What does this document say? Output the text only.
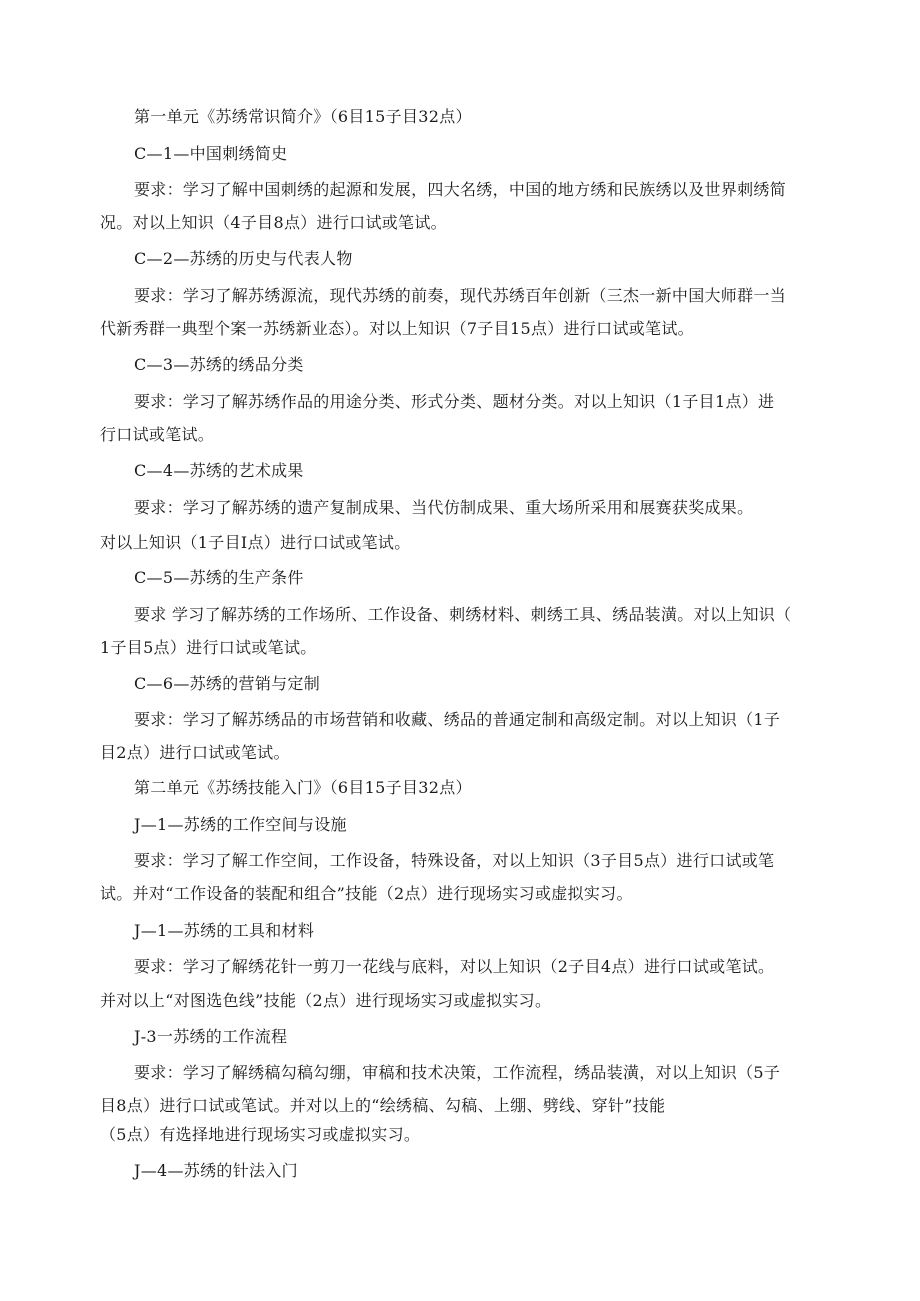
第一单元《苏绣常识简介》（6目15子目32点）
C—1—中国刺绣简史
要求：学习了解中国刺绣的起源和发展，四大名绣，中国的地方绣和民族绣以及世界刺绣简
况。对以上知识（4子目8点）进行口试或笔试。
C—2—苏绣的历史与代表人物
要求：学习了解苏绣源流，现代苏绣的前奏，现代苏绣百年创新（三杰一新中国大师群一当
代新秀群一典型个案一苏绣新业态）。对以上知识（7子目15点）进行口试或笔试。
C—3—苏绣的绣品分类
要求：学习了解苏绣作品的用途分类、形式分类、题材分类。对以上知识（1子目1点）进
行口试或笔试。
C—4—苏绣的艺术成果
要求：学习了解苏绣的遗产复制成果、当代仿制成果、重大场所采用和展赛获奖成果。
对以上知识（1子目I点）进行口试或笔试。
C—5—苏绣的生产条件
要求 学习了解苏绣的工作场所、工作设备、刺绣材料、刺绣工具、绣品装潢。对以上知识（
1子目5点）进行口试或笔试。
C—6—苏绣的营销与定制
要求：学习了解苏绣品的市场营销和收藏、绣品的普通定制和高级定制。对以上知识（1子
目2点）进行口试或笔试。
第二单元《苏绣技能入门》（6目15子目32点）
J—1—苏绣的工作空间与设施
要求：学习了解工作空间，工作设备，特殊设备，对以上知识（3子目5点）进行口试或笔
试。并对“工作设备的装配和组合”技能（2点）进行现场实习或虚拟实习。
J—1—苏绣的工具和材料
要求：学习了解绣花针一剪刀一花线与底料，对以上知识（2子目4点）进行口试或笔试。
并对以上“对图选色线”技能（2点）进行现场实习或虚拟实习。
J-3一苏绣的工作流程
要求：学习了解绣稿勾稿勾绷，审稿和技术决策，工作流程，绣品装潢，对以上知识（5子
目8点）进行口试或笔试。并对以上的“绘绣稿、勾稿、上绷、劈线、穿针”技能
（5点）有选择地进行现场实习或虚拟实习。
J—4—苏绣的针法入门
